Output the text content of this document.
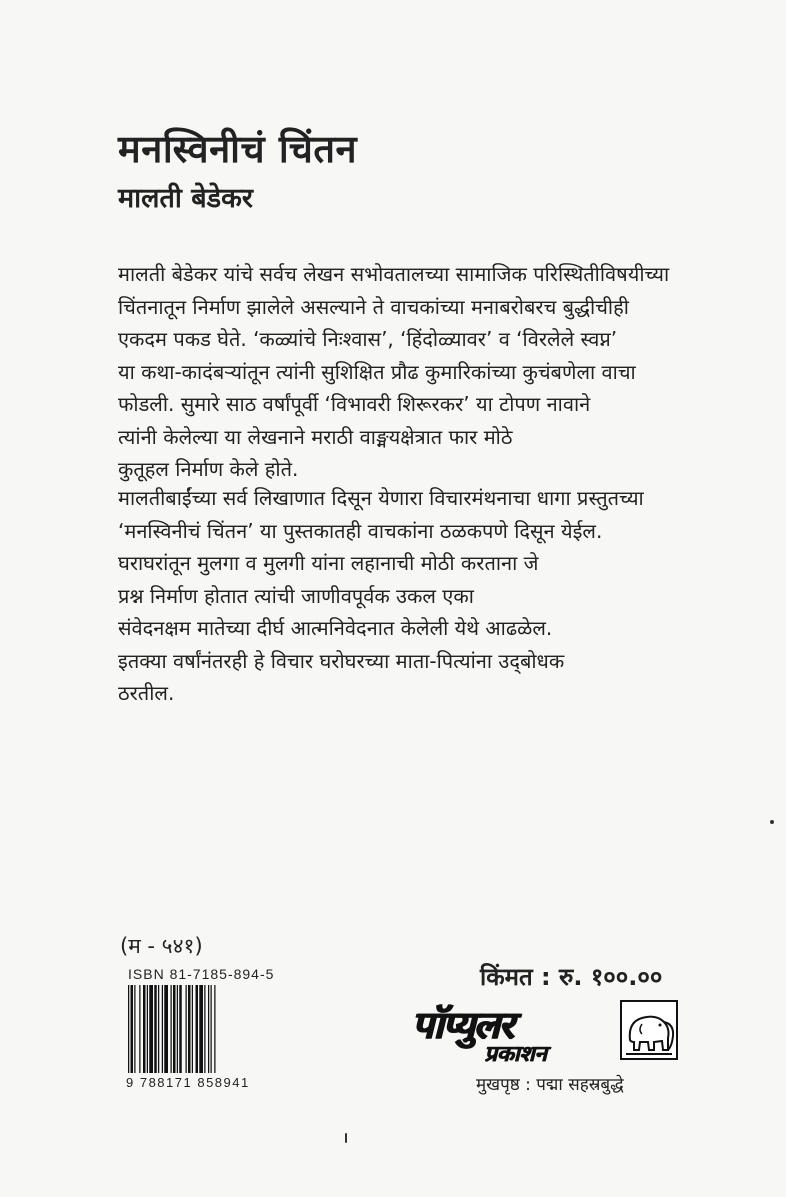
मनस्विनीचं चिंतन
मालती बेडेकर
मालती बेडेकर यांचे सर्वच लेखन सभोवतालच्या सामाजिक परिस्थितीविषयीच्या
चिंतनातून निर्माण झालेले असल्याने ते वाचकांच्या मनाबरोबरच बुद्धीचीही
एकदम पकड घेते. ‘कळ्यांचे निःश्वास’, ‘हिंदोळ्यावर’ व ‘विरलेले स्वप्न’
या कथा-कादंबऱ्यांतून त्यांनी सुशिक्षित प्रौढ कुमारिकांच्या कुचंबणेला वाचा
फोडली. सुमारे साठ वर्षांपूर्वी ‘विभावरी शिरूरकर’ या टोपण नावाने
त्यांनी केलेल्या या लेखनाने मराठी वाङ्मयक्षेत्रात फार मोठे
कुतूहल निर्माण केले होते.
मालतीबाईंच्या सर्व लिखाणात दिसून येणारा विचारमंथनाचा धागा प्रस्तुतच्या
‘मनस्विनीचं चिंतन’ या पुस्तकातही वाचकांना ठळकपणे दिसून येईल.
घराघरांतून मुलगा व मुलगी यांना लहानाची मोठी करताना जे
प्रश्न निर्माण होतात त्यांची जाणीवपूर्वक उकल एका
संवेदनक्षम मातेच्या दीर्घ आत्मनिवेदनात केलेली येथे आढळेल.
इतक्या वर्षांनंतरही हे विचार घरोघरच्या माता-पित्यांना उद्‌बोधक
ठरतील.
(म - ५४१)
ISBN 81-7185-894-5
9 788171 858941
किंमत : रु. १००.००
पॉप्युलर
प्रकाशन
मुखपृष्ठ : पद्मा सहस्रबुद्धे
